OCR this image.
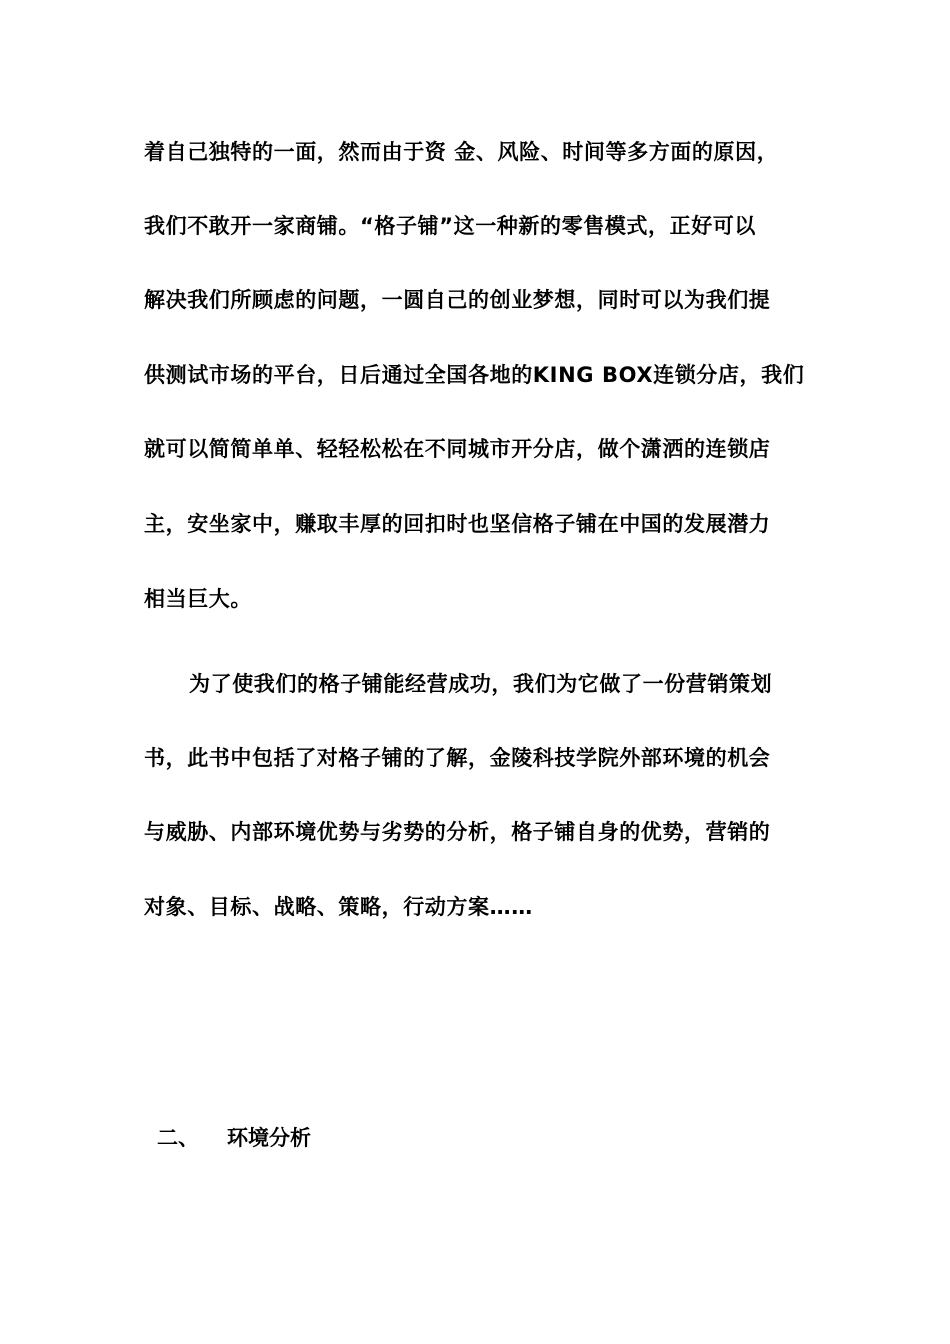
着自己独特的一面，然而由于资 金、风险、时间等多方面的原因，

我们不敢开一家商铺。“格子铺”这一种新的零售模式，正好可以

解决我们所顾虑的问题，一圆自己的创业梦想，同时可以为我们提

供测试市场的平台，日后通过全国各地的KING BOX连锁分店，我们

就可以简简单单、轻轻松松在不同城市开分店，做个潇洒的连锁店

主，安坐家中，赚取丰厚的回扣时也坚信格子铺在中国的发展潜力

相当巨大。

为了使我们的格子铺能经营成功，我们为它做了一份营销策划

书，此书中包括了对格子铺的了解，金陵科技学院外部环境的机会

与威胁、内部环境优势与劣势的分析，格子铺自身的优势，营销的

对象、目标、战略、策略，行动方案……

二、 环境分析
